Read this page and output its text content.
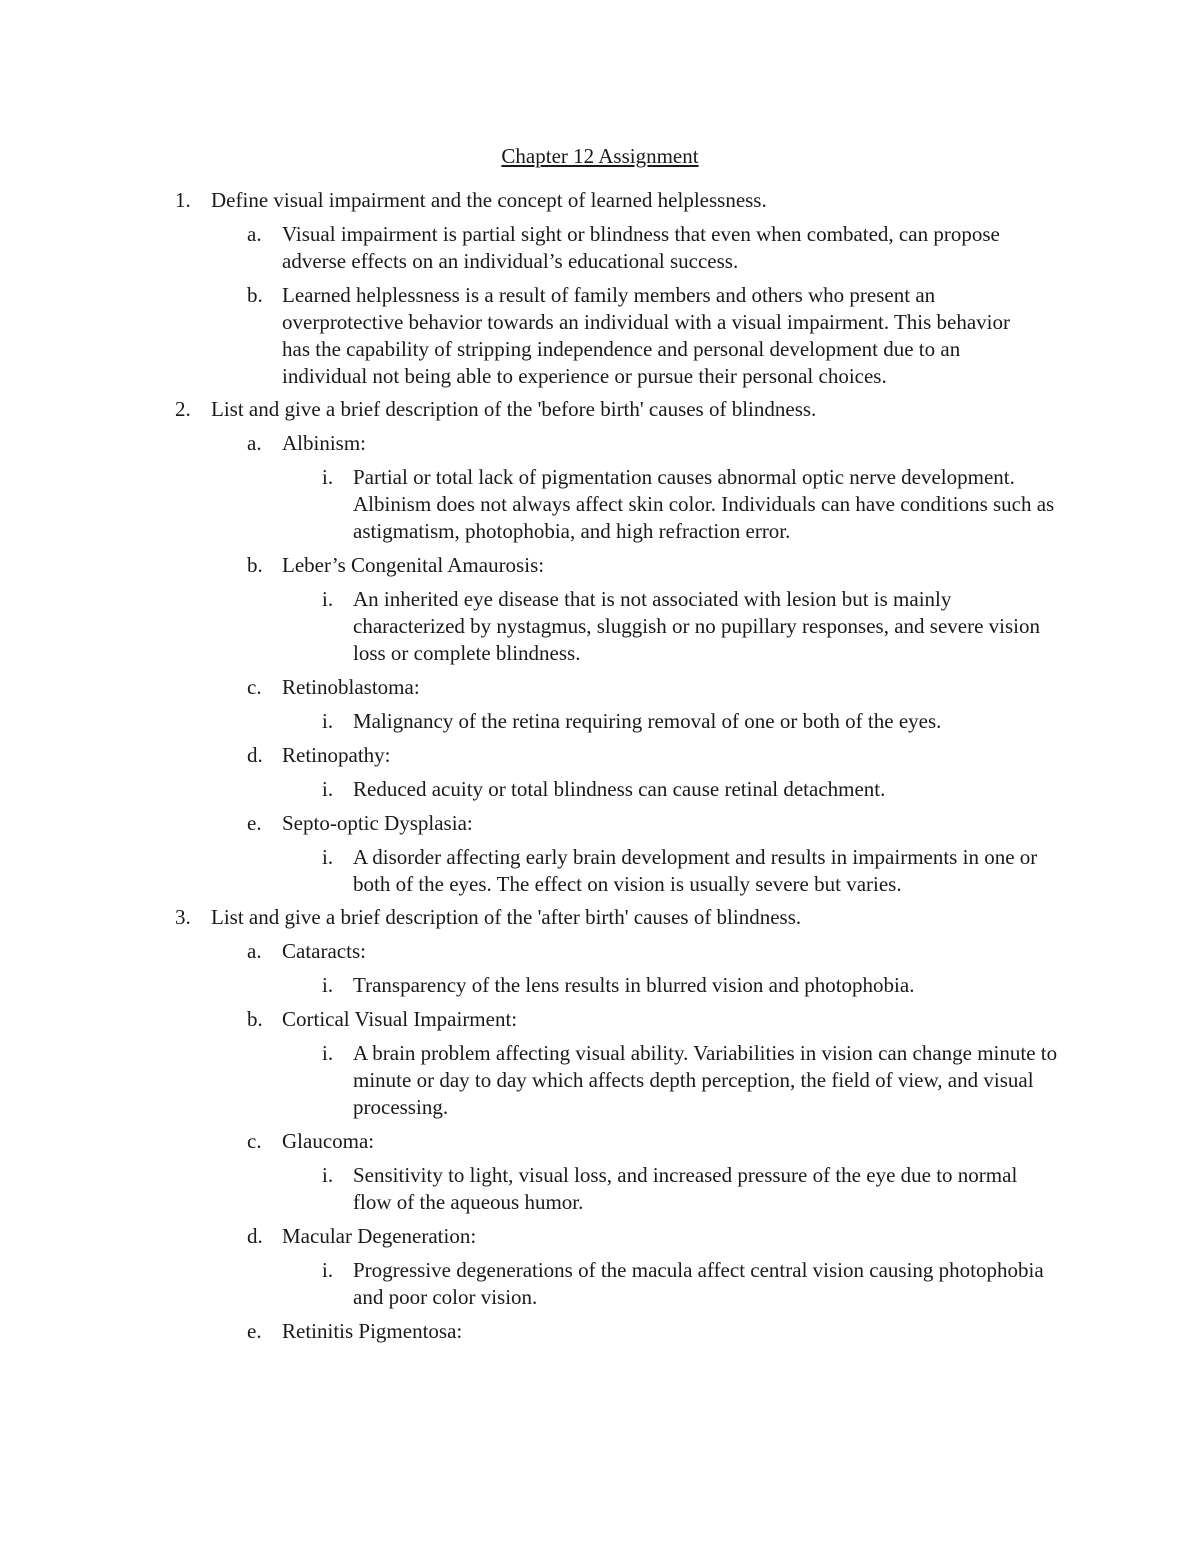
Chapter 12 Assignment

1. Define visual impairment and the concept of learned helplessness.

a. Visual impairment is partial sight or blindness that even when combated, can propose adverse effects on an individual’s educational success.

b. Learned helplessness is a result of family members and others who present an overprotective behavior towards an individual with a visual impairment. This behavior has the capability of stripping independence and personal development due to an individual not being able to experience or pursue their personal choices.

2. List and give a brief description of the 'before birth' causes of blindness.

a. Albinism:

i. Partial or total lack of pigmentation causes abnormal optic nerve development. Albinism does not always affect skin color. Individuals can have conditions such as astigmatism, photophobia, and high refraction error.

b. Leber’s Congenital Amaurosis:

i. An inherited eye disease that is not associated with lesion but is mainly characterized by nystagmus, sluggish or no pupillary responses, and severe vision loss or complete blindness.

c. Retinoblastoma:

i. Malignancy of the retina requiring removal of one or both of the eyes.

d. Retinopathy:

i. Reduced acuity or total blindness can cause retinal detachment.

e. Septo-optic Dysplasia:

i. A disorder affecting early brain development and results in impairments in one or both of the eyes. The effect on vision is usually severe but varies.

3. List and give a brief description of the 'after birth' causes of blindness.

a. Cataracts:

i. Transparency of the lens results in blurred vision and photophobia.

b. Cortical Visual Impairment:

i. A brain problem affecting visual ability. Variabilities in vision can change minute to minute or day to day which affects depth perception, the field of view, and visual processing.

c. Glaucoma:

i. Sensitivity to light, visual loss, and increased pressure of the eye due to normal flow of the aqueous humor.

d. Macular Degeneration:

i. Progressive degenerations of the macula affect central vision causing photophobia and poor color vision.

e. Retinitis Pigmentosa:
